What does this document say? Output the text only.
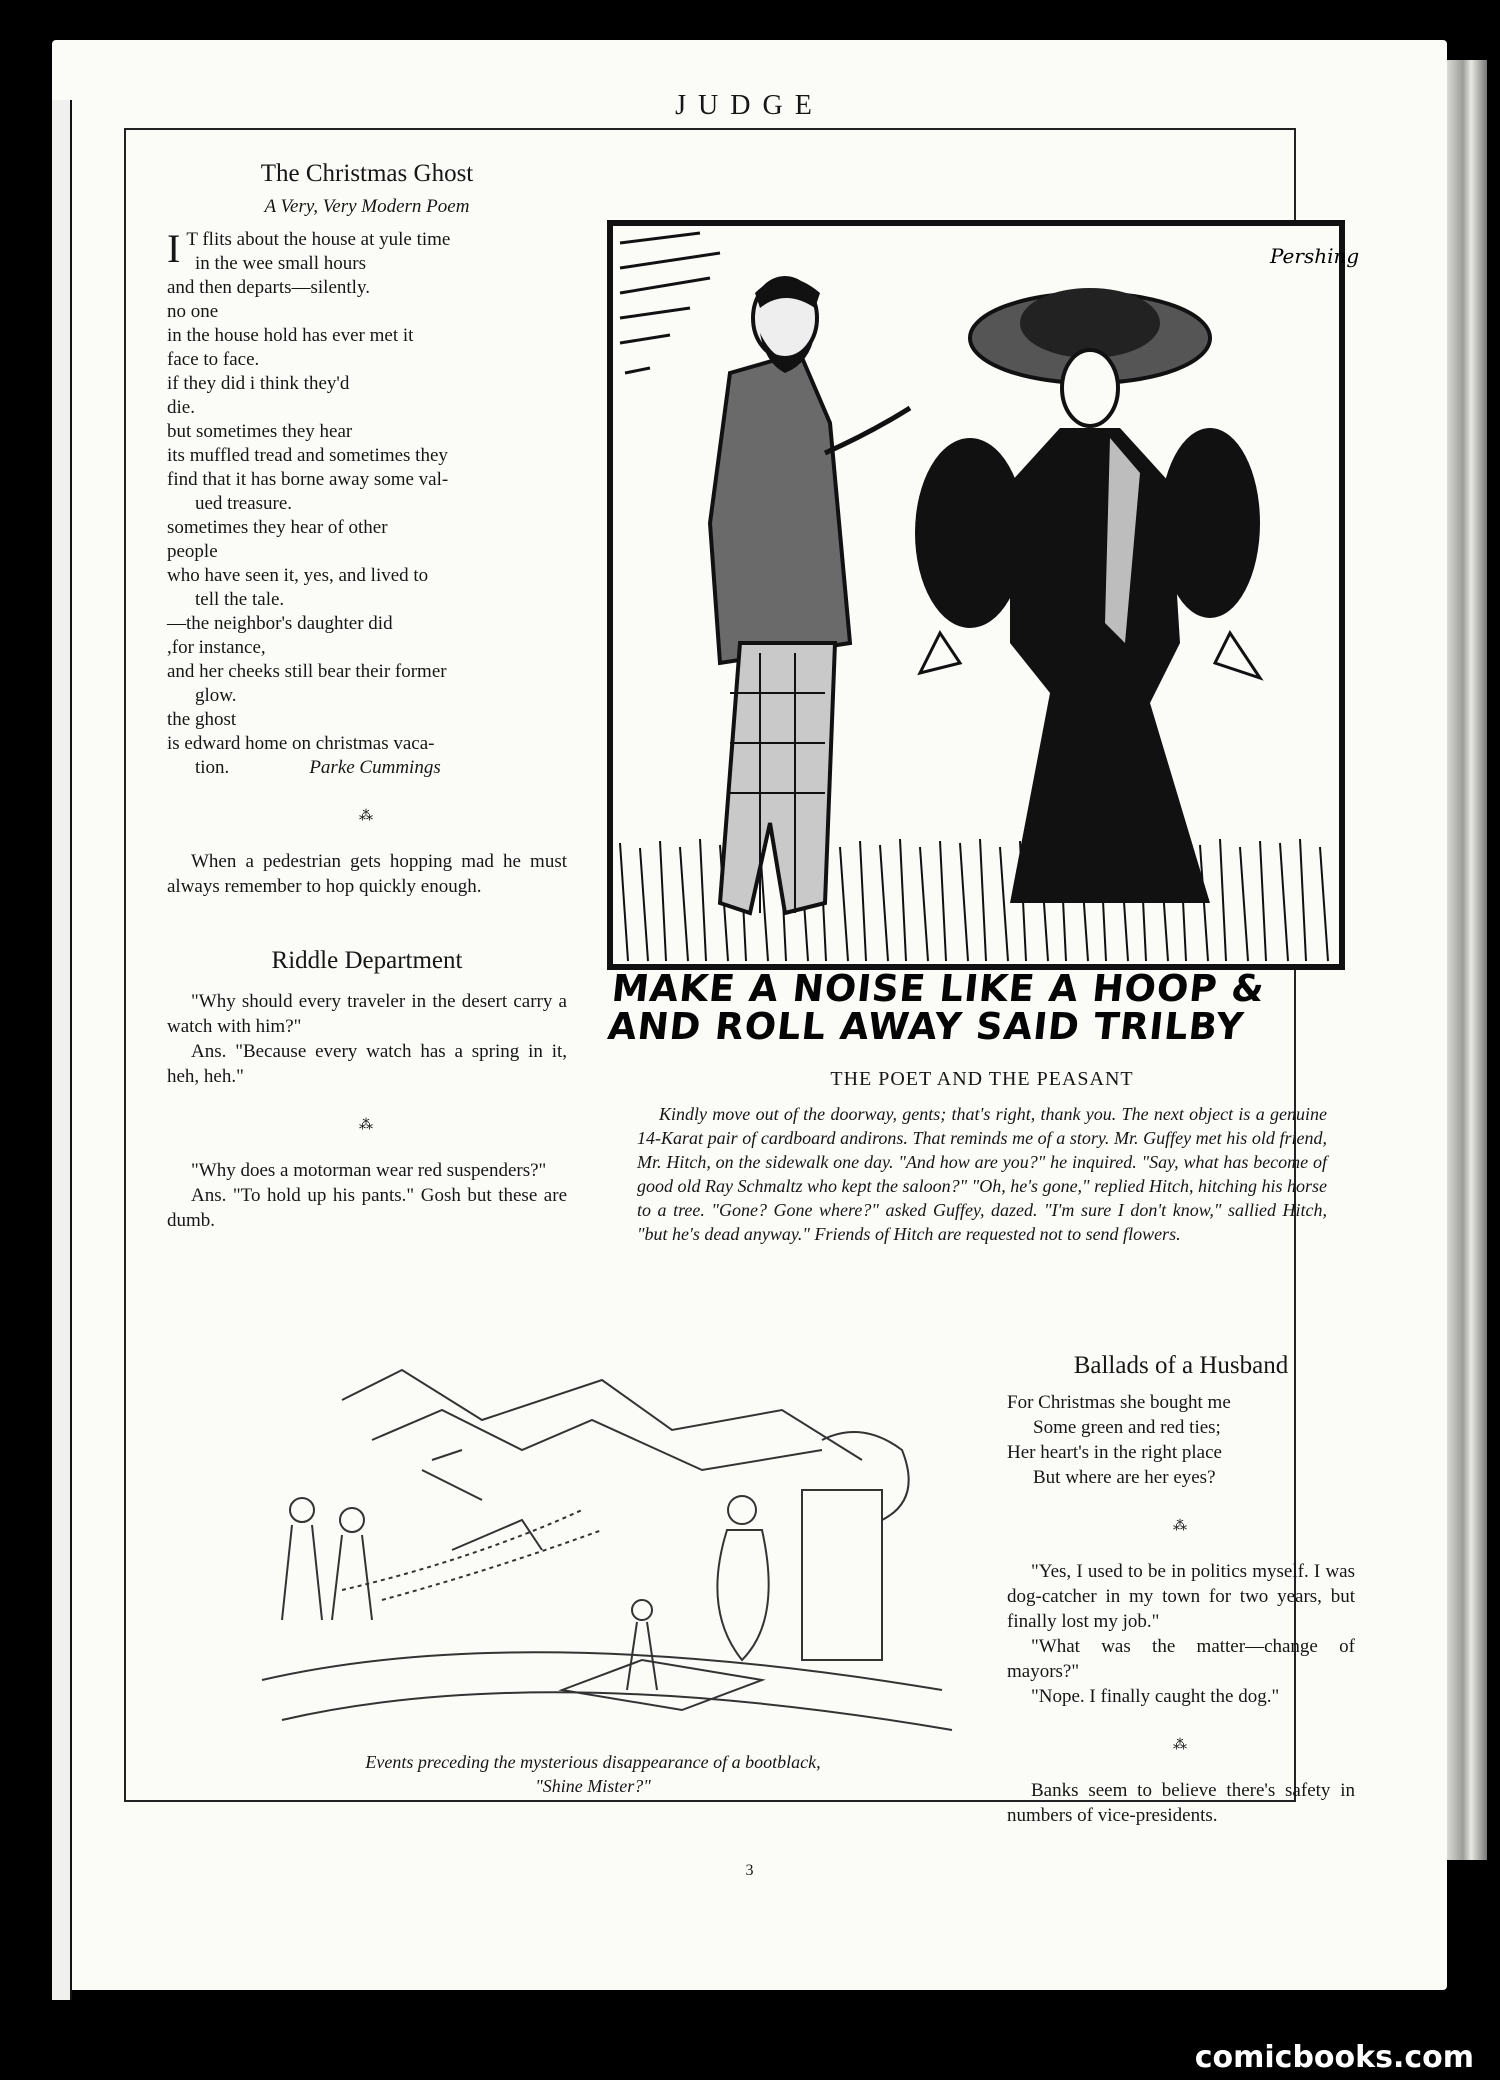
JUDGE
The Christmas Ghost
A Very, Very Modern Poem

I T flits about the house at yule time

in the wee small hours

and then departs—silently.

no one

in the house hold has ever met it

face to face.

if they did i think they'd

die.

but sometimes they hear

its muffled tread and sometimes they

find that it has borne away some val-

ued treasure.

sometimes they hear of other

people

who have seen it, yes, and lived to

tell the tale.

—the neighbor's daughter did

,for instance,

and her cheeks still bear their former

glow.

the ghost

is edward home on christmas vaca-

tion.	Parke Cummings

⁂

When a pedestrian gets hopping mad he must always remember to hop quickly enough.

Riddle Department

"Why should every traveler in the desert carry a watch with him?"

Ans. "Because every watch has a spring in it, heh, heh."

⁂

"Why does a motorman wear red suspenders?"

Ans. "To hold up his pants." Gosh but these are dumb.

Pershing
MAKE A NOISE LIKE A HOOP &
AND ROLL AWAY SAID TRILBY
THE POET AND THE PEASANT
Kindly move out of the doorway, gents; that's right, thank you. The next object is a genuine 14-Karat pair of cardboard andirons. That reminds me of a story. Mr. Guffey met his old friend, Mr. Hitch, on the sidewalk one day. "And how are you?" he inquired. "Say, what has become of good old Ray Schmaltz who kept the saloon?" "Oh, he's gone," replied Hitch, hitching his horse to a tree. "Gone? Gone where?" asked Guffey, dazed. "I'm sure I don't know," sallied Hitch, "but he's dead anyway." Friends of Hitch are requested not to send flowers.
Events preceding the mysterious disappearance of a bootblack,
"Shine Mister?"
Ballads of a Husband

For Christmas she bought me

Some green and red ties;

Her heart's in the right place

But where are her eyes?

⁂

"Yes, I used to be in politics myself. I was dog-catcher in my town for two years, but finally lost my job."

"What was the matter—change of mayors?"

"Nope. I finally caught the dog."

⁂

Banks seem to believe there's safety in numbers of vice-presidents.

3
comicbooks.com
